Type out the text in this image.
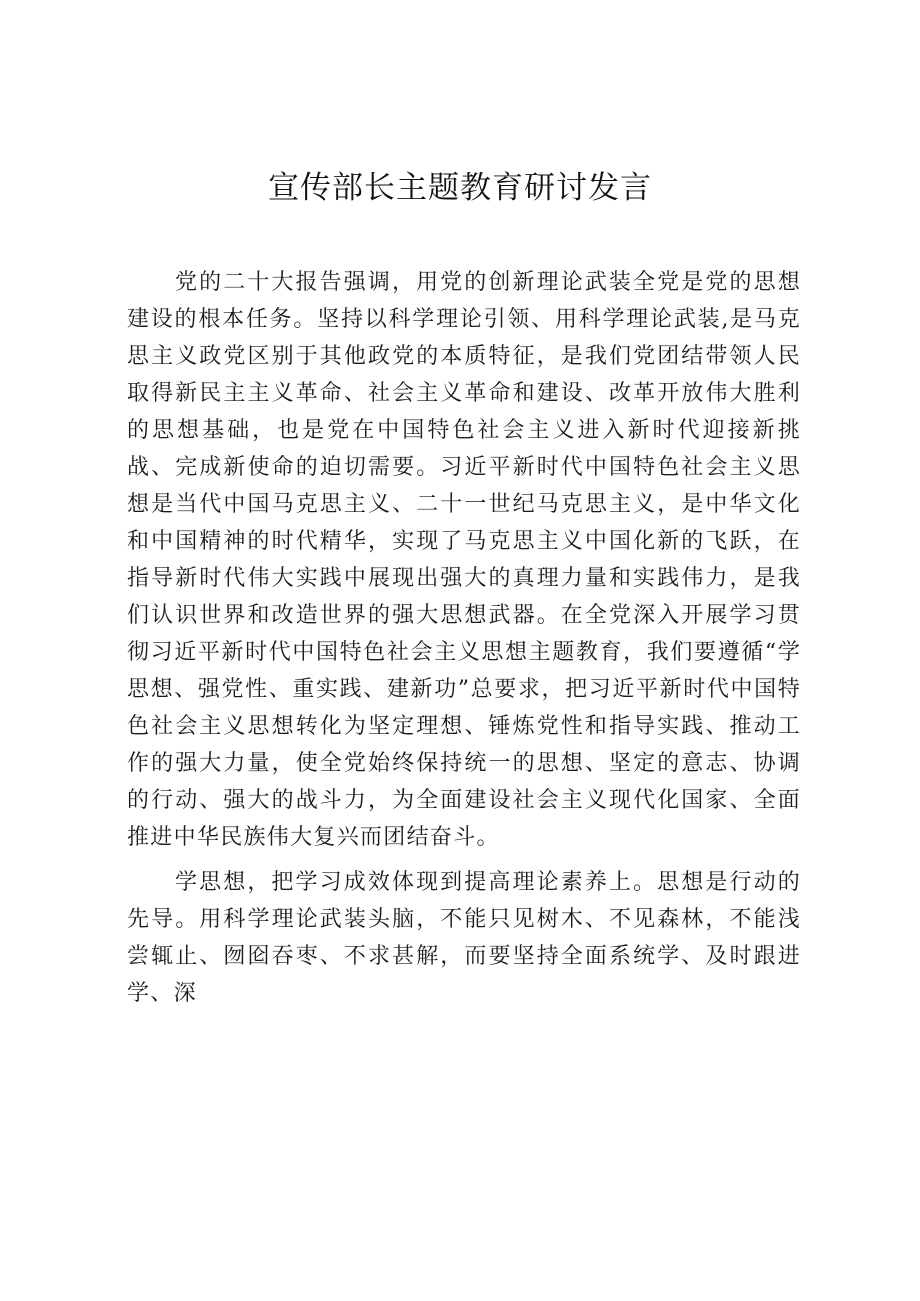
宣传部长主题教育研讨发言

党的二十大报告强调，用党的创新理论武装全党是党的思想建设的根本任务。坚持以科学理论引领、用科学理论武装,是马克思主义政党区别于其他政党的本质特征，是我们党团结带领人民取得新民主主义革命、社会主义革命和建设、改革开放伟大胜利的思想基础，也是党在中国特色社会主义进入新时代迎接新挑战、完成新使命的迫切需要。习近平新时代中国特色社会主义思想是当代中国马克思主义、二十一世纪马克思主义，是中华文化和中国精神的时代精华，实现了马克思主义中国化新的飞跃，在指导新时代伟大实践中展现出强大的真理力量和实践伟力，是我们认识世界和改造世界的强大思想武器。在全党深入开展学习贯彻习近平新时代中国特色社会主义思想主题教育，我们要遵循“学思想、强党性、重实践、建新功”总要求，把习近平新时代中国特色社会主义思想转化为坚定理想、锤炼党性和指导实践、推动工作的强大力量，使全党始终保持统一的思想、坚定的意志、协调的行动、强大的战斗力，为全面建设社会主义现代化国家、全面推进中华民族伟大复兴而团结奋斗。

学思想，把学习成效体现到提高理论素养上。思想是行动的先导。用科学理论武装头脑，不能只见树木、不见森林，不能浅尝辄止、囫囵吞枣、不求甚解，而要坚持全面系统学、及时跟进学、深
